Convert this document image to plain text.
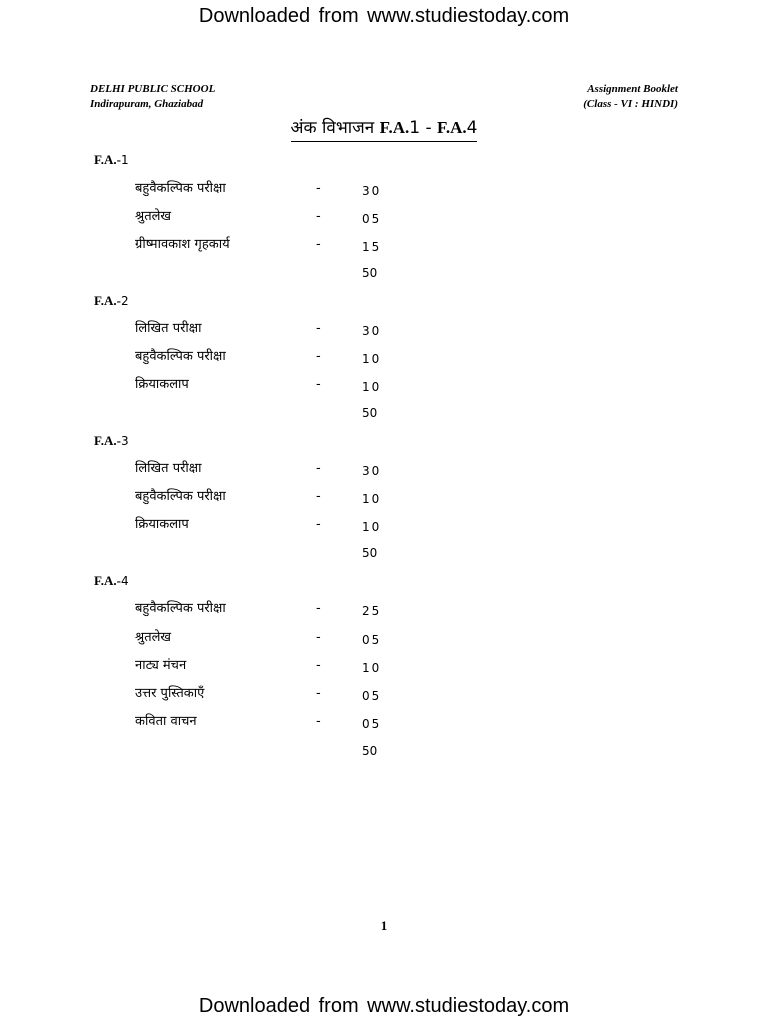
Downloaded from www.studiestoday.com
DELHI PUBLIC SCHOOL
Indirapuram, Ghaziabad
Assignment Booklet
(Class - VI : HINDI)
अंक विभाजन F.A.1 - F.A.4
F.A.-1
बहुवैकल्पिक परीक्षा	-	30
श्रुतलेख	-	05
ग्रीष्मावकाश गृहकार्य	-	15
50
F.A.-2
लिखित परीक्षा	-	30
बहुवैकल्पिक परीक्षा	-	10
क्रियाकलाप	-	10
50
F.A.-3
लिखित परीक्षा	-	30
बहुवैकल्पिक परीक्षा	-	10
क्रियाकलाप	-	10
50
F.A.-4
बहुवैकल्पिक परीक्षा	-	25
श्रुतलेख	-	05
नाट्य मंचन	-	10
उत्तर पुस्तिकाएँ	-	05
कविता वाचन	-	05
50
1
Downloaded from www.studiestoday.com
